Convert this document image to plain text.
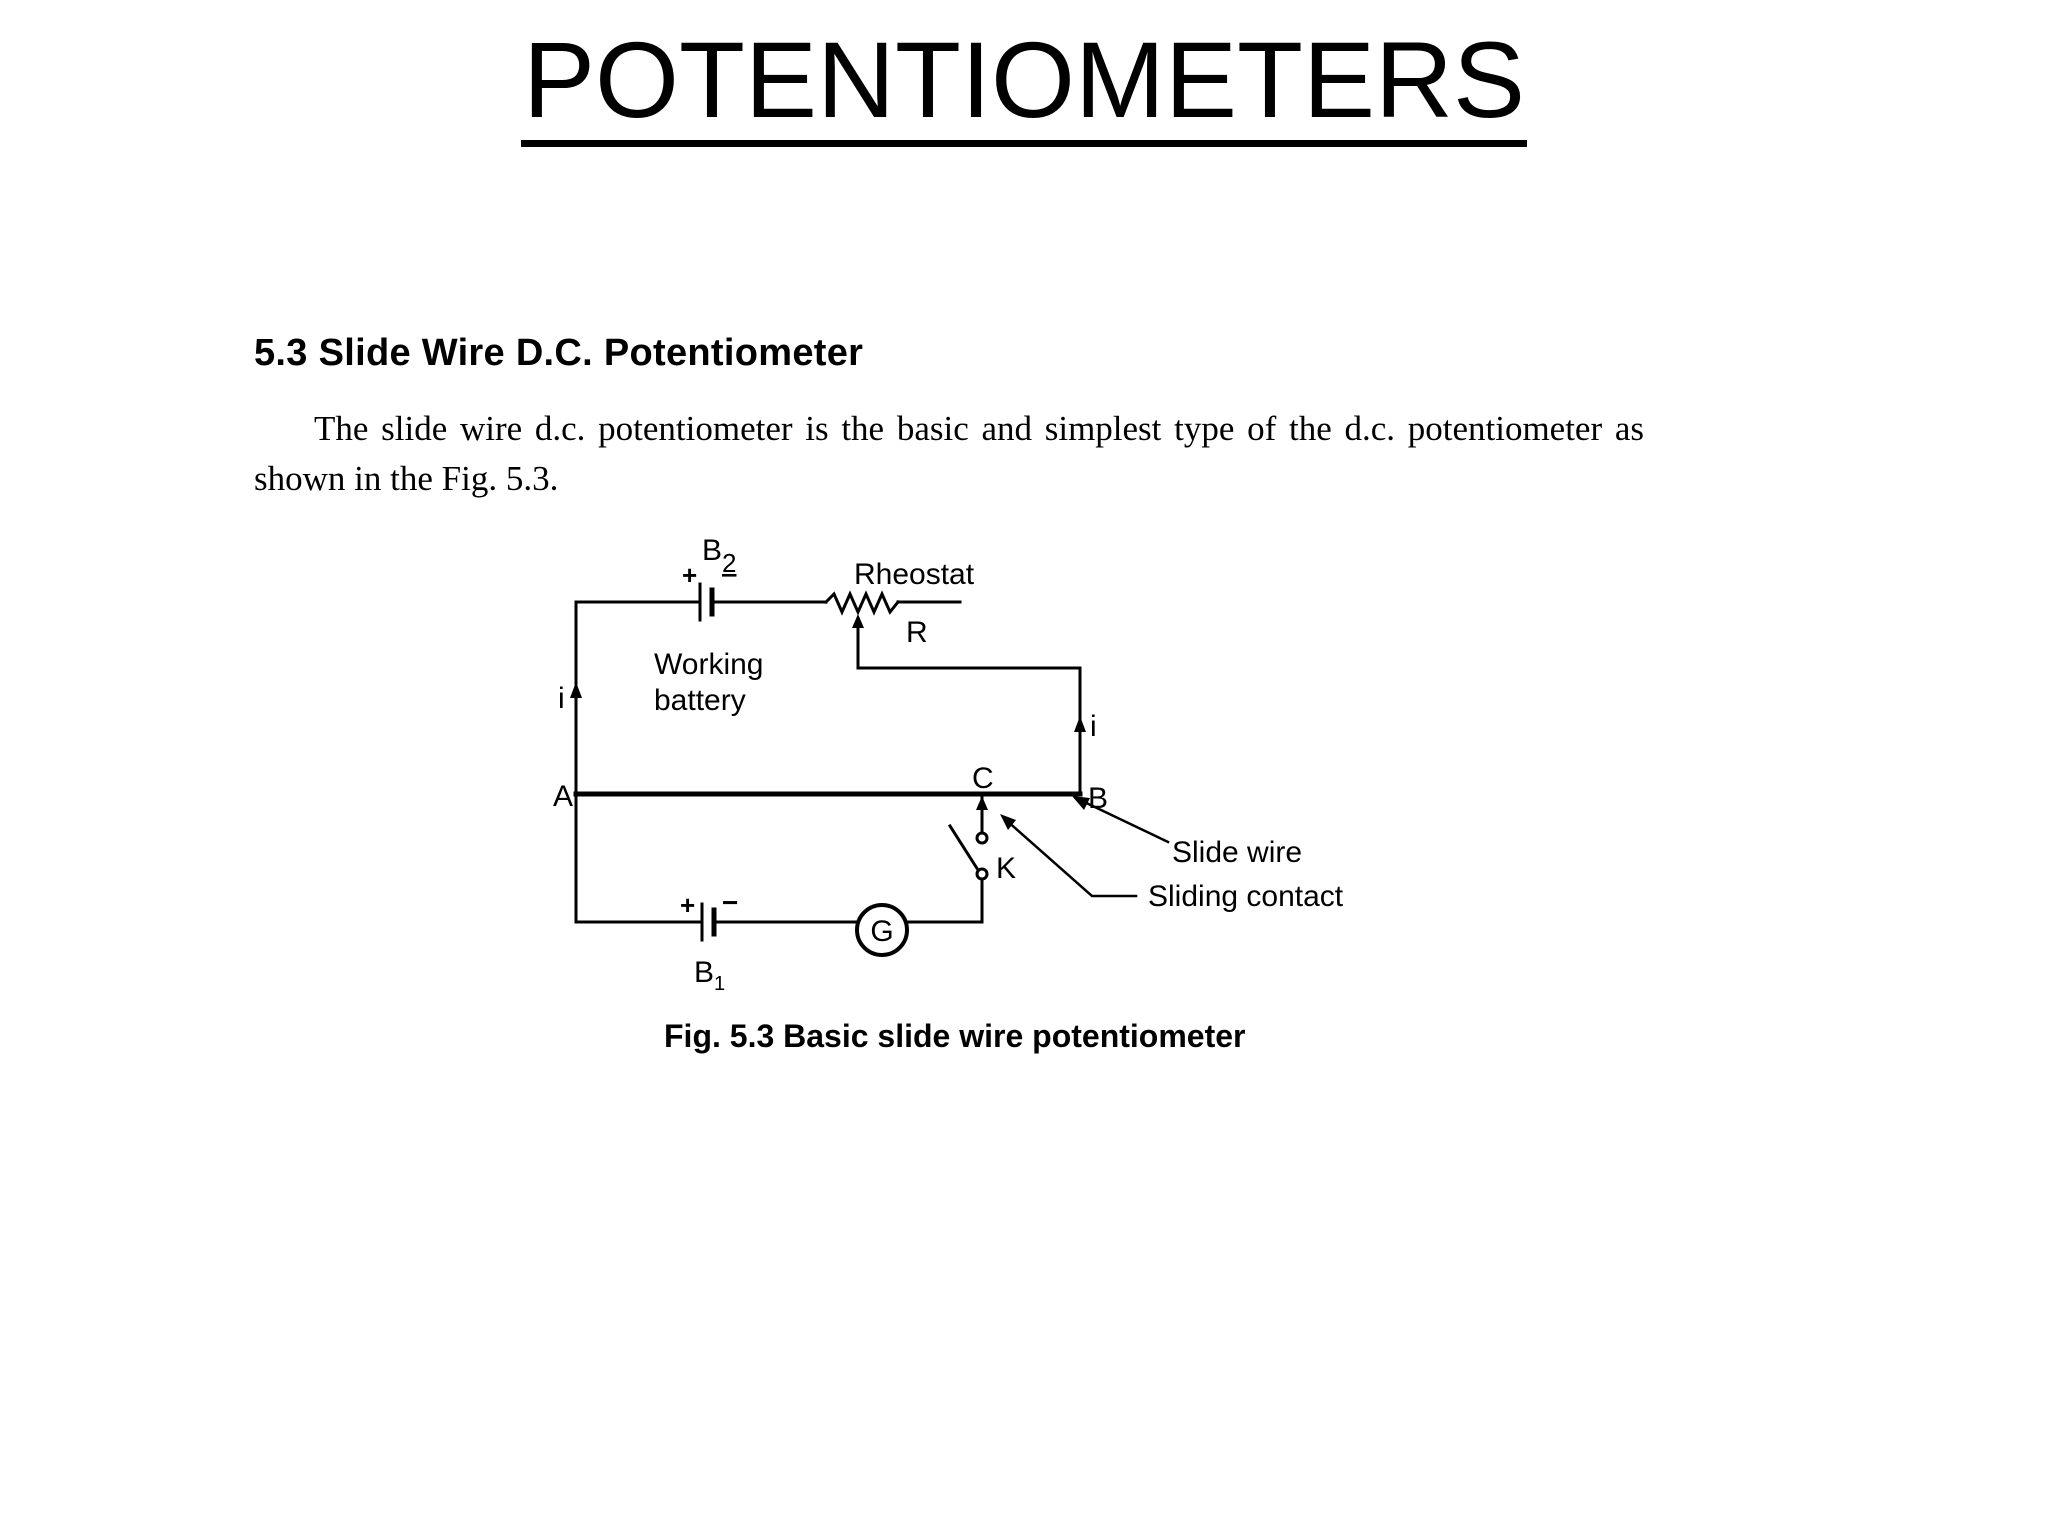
POTENTIOMETERS
5.3 Slide Wire D.C. Potentiometer

The slide wire d.c. potentiometer is the basic and simplest type of the d.c. potentiometer as shown in the Fig. 5.3.

B 2
+	Rheostat
R
Working
battery
i
i
A
C
B
K	Slide wire
Sliding contact
+ −
B 1
G

Fig. 5.3 Basic slide wire potentiometer
